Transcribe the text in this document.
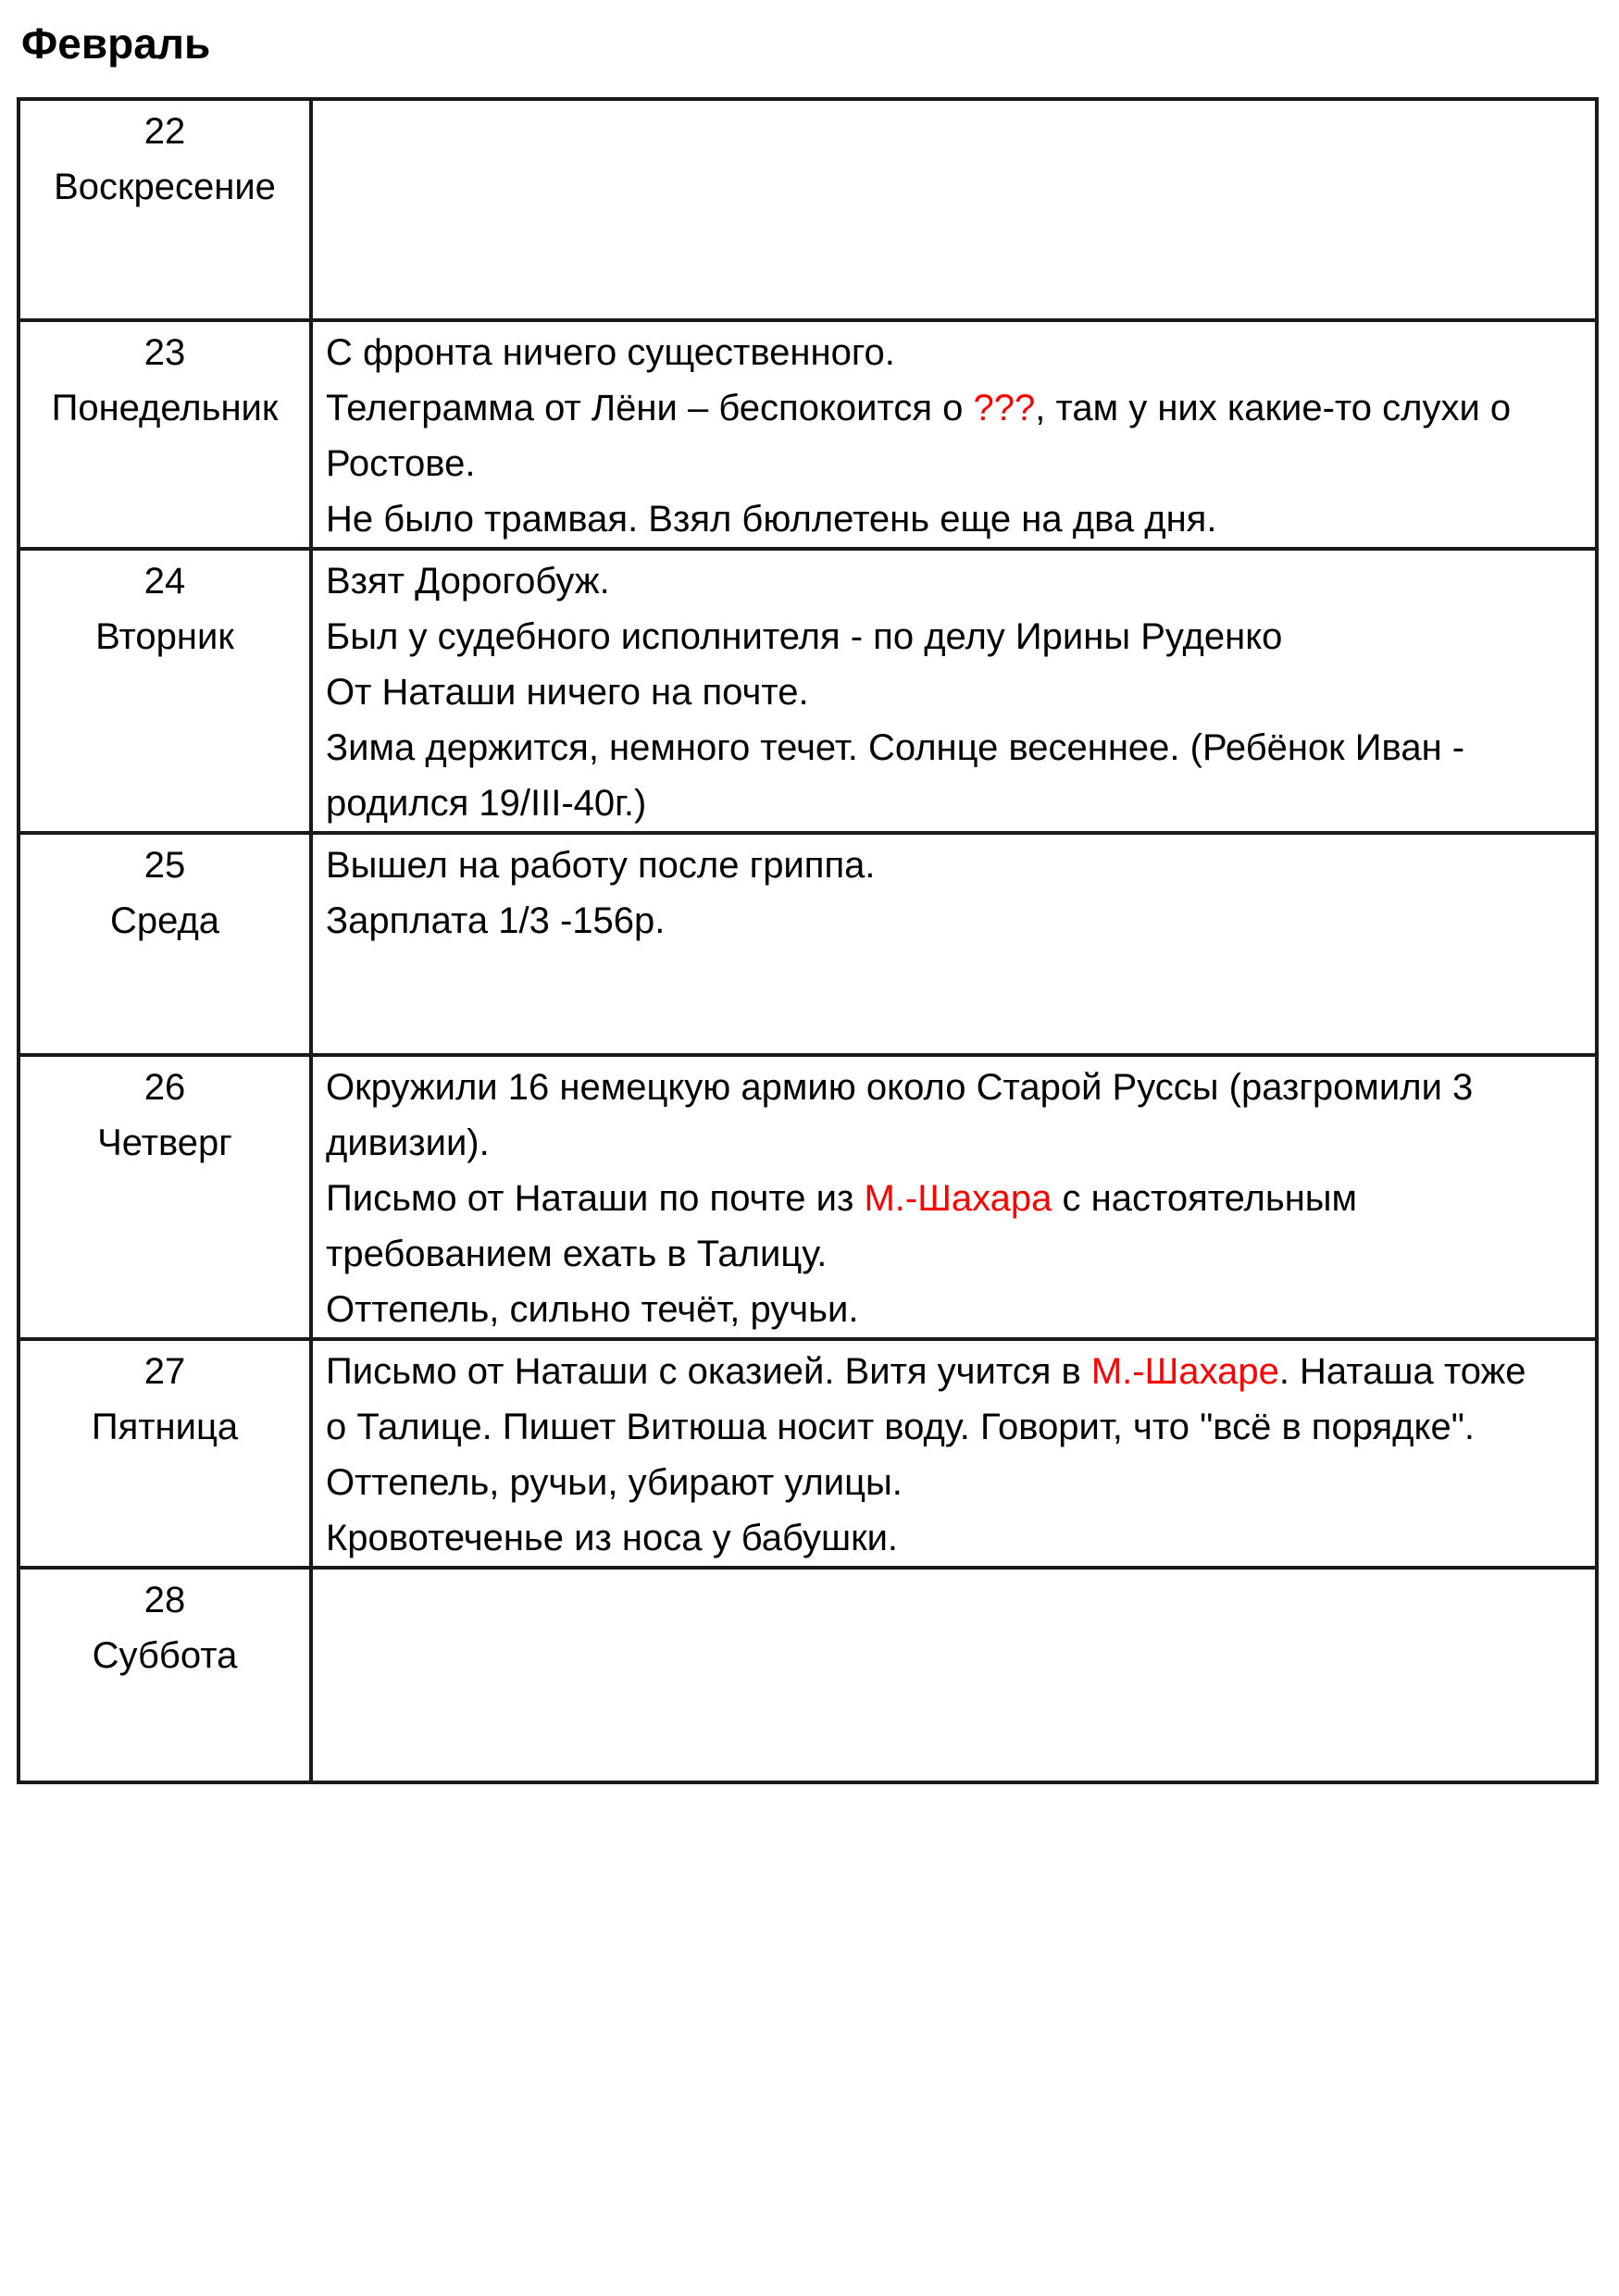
Февраль
22
Воскресение
23
Понедельник
С фронта ничего существенного.
Телеграмма от Лёни – беспокоится о ???, там у них какие-то слухи о
Ростове.
Не было трамвая. Взял бюллетень еще на два дня.
24
Вторник
Взят Дорогобуж.
Был у судебного исполнителя - по делу Ирины Руденко
От Наташи ничего на почте.
Зима держится, немного течет. Солнце весеннее. (Ребёнок Иван -
родился 19/III-40г.)
25
Среда
Вышел на работу после гриппа.
Зарплата 1/3 -156р.
26
Четверг
Окружили 16 немецкую армию около Старой Руссы (разгромили 3
дивизии).
Письмо от Наташи по почте из М.-Шахара с настоятельным
требованием ехать в Талицу.
Оттепель, сильно течёт, ручьи.
27
Пятница
Письмо от Наташи с оказией. Витя учится в М.-Шахаре. Наташа тоже
о Талице. Пишет Витюша носит воду. Говорит, что "всё в порядке".
Оттепель, ручьи, убирают улицы.
Кровотеченье из носа у бабушки.
28
Суббота
